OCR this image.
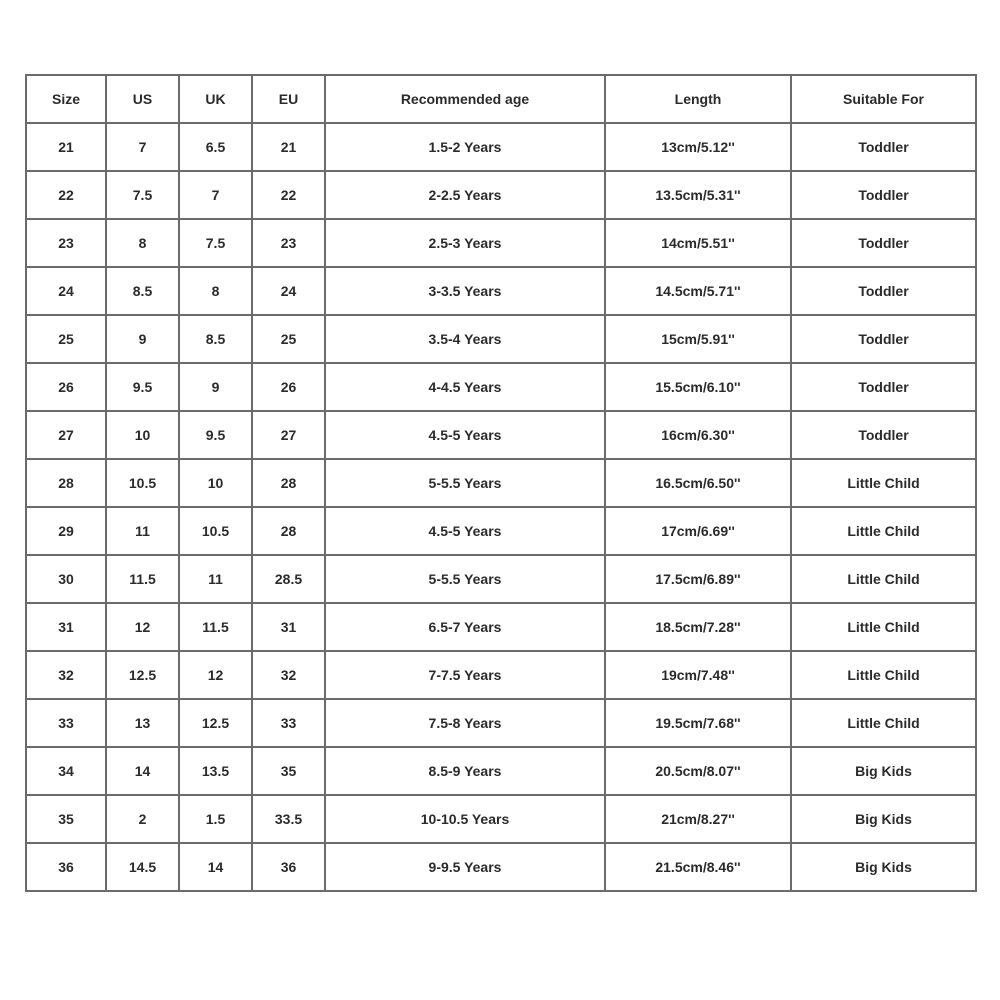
Size	US	UK	EU	Recommended age	Length	Suitable For
21	7	6.5	21	1.5-2 Years	13cm/5.12''	Toddler
22	7.5	7	22	2-2.5 Years	13.5cm/5.31''	Toddler
23	8	7.5	23	2.5-3 Years	14cm/5.51''	Toddler
24	8.5	8	24	3-3.5 Years	14.5cm/5.71''	Toddler
25	9	8.5	25	3.5-4 Years	15cm/5.91''	Toddler
26	9.5	9	26	4-4.5 Years	15.5cm/6.10''	Toddler
27	10	9.5	27	4.5-5 Years	16cm/6.30''	Toddler
28	10.5	10	28	5-5.5 Years	16.5cm/6.50''	Little Child
29	11	10.5	28	4.5-5 Years	17cm/6.69''	Little Child
30	11.5	11	28.5	5-5.5 Years	17.5cm/6.89''	Little Child
31	12	11.5	31	6.5-7 Years	18.5cm/7.28''	Little Child
32	12.5	12	32	7-7.5 Years	19cm/7.48''	Little Child
33	13	12.5	33	7.5-8 Years	19.5cm/7.68''	Little Child
34	14	13.5	35	8.5-9 Years	20.5cm/8.07''	Big Kids
35	2	1.5	33.5	10-10.5 Years	21cm/8.27''	Big Kids
36	14.5	14	36	9-9.5 Years	21.5cm/8.46''	Big Kids
